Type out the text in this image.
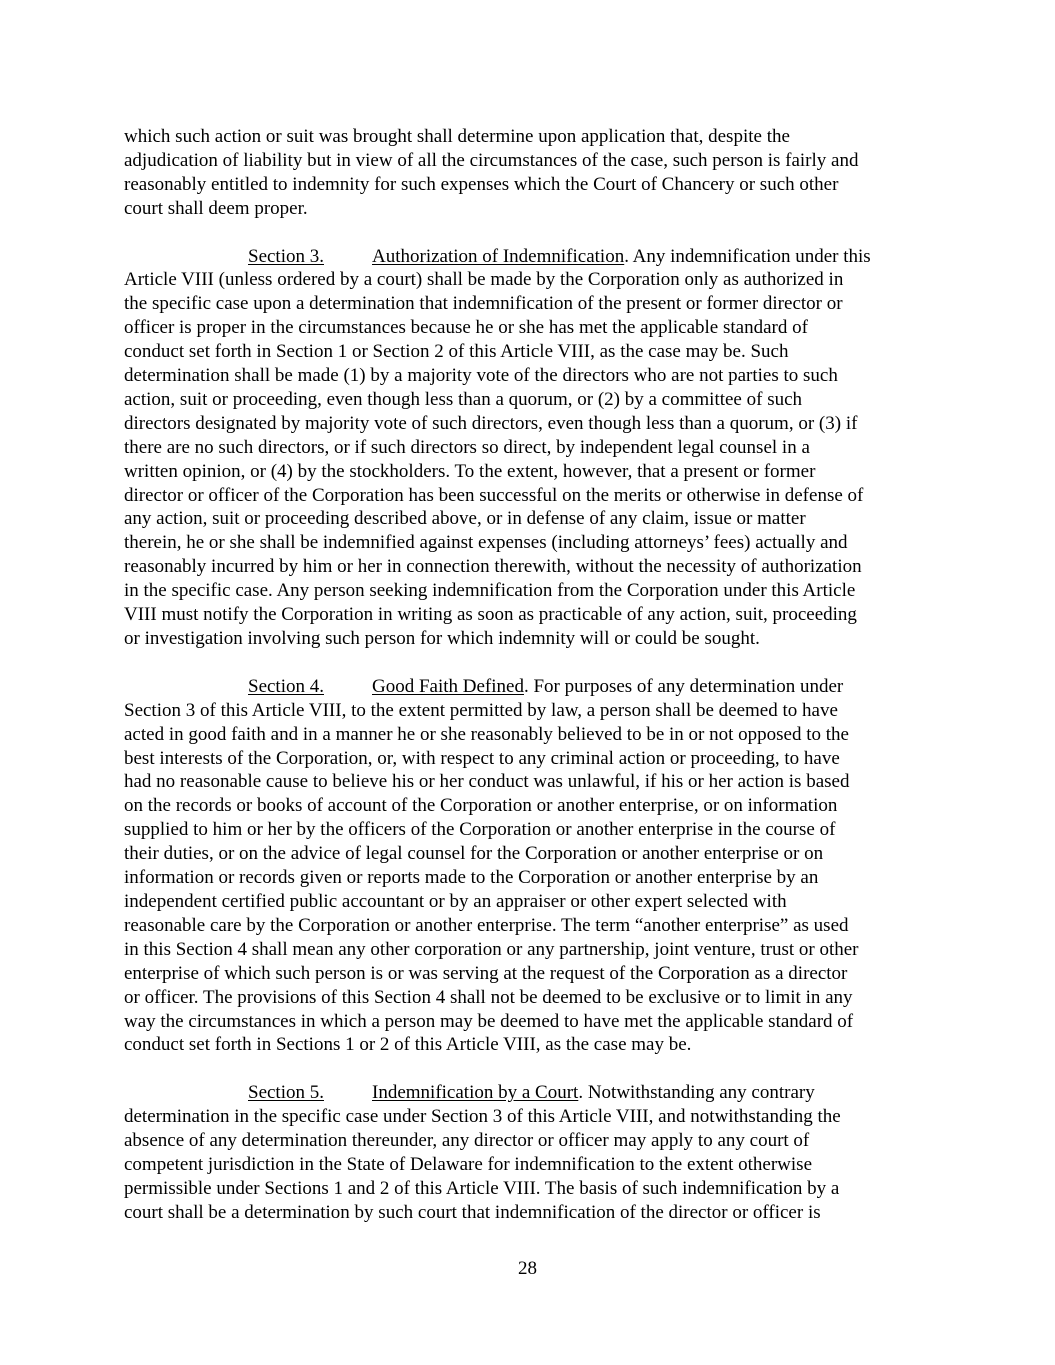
which such action or suit was brought shall determine upon application that, despite the
adjudication of liability but in view of all the circumstances of the case, such person is fairly and
reasonably entitled to indemnity for such expenses which the Court of Chancery or such other
court shall deem proper.
Section 3.	Authorization of Indemnification. Any indemnification under this
Article VIII (unless ordered by a court) shall be made by the Corporation only as authorized in
the specific case upon a determination that indemnification of the present or former director or
officer is proper in the circumstances because he or she has met the applicable standard of
conduct set forth in Section 1 or Section 2 of this Article VIII, as the case may be. Such
determination shall be made (1) by a majority vote of the directors who are not parties to such
action, suit or proceeding, even though less than a quorum, or (2) by a committee of such
directors designated by majority vote of such directors, even though less than a quorum, or (3) if
there are no such directors, or if such directors so direct, by independent legal counsel in a
written opinion, or (4) by the stockholders. To the extent, however, that a present or former
director or officer of the Corporation has been successful on the merits or otherwise in defense of
any action, suit or proceeding described above, or in defense of any claim, issue or matter
therein, he or she shall be indemnified against expenses (including attorneys’ fees) actually and
reasonably incurred by him or her in connection therewith, without the necessity of authorization
in the specific case. Any person seeking indemnification from the Corporation under this Article
VIII must notify the Corporation in writing as soon as practicable of any action, suit, proceeding
or investigation involving such person for which indemnity will or could be sought.
Section 4.	Good Faith Defined. For purposes of any determination under
Section 3 of this Article VIII, to the extent permitted by law, a person shall be deemed to have
acted in good faith and in a manner he or she reasonably believed to be in or not opposed to the
best interests of the Corporation, or, with respect to any criminal action or proceeding, to have
had no reasonable cause to believe his or her conduct was unlawful, if his or her action is based
on the records or books of account of the Corporation or another enterprise, or on information
supplied to him or her by the officers of the Corporation or another enterprise in the course of
their duties, or on the advice of legal counsel for the Corporation or another enterprise or on
information or records given or reports made to the Corporation or another enterprise by an
independent certified public accountant or by an appraiser or other expert selected with
reasonable care by the Corporation or another enterprise. The term “another enterprise” as used
in this Section 4 shall mean any other corporation or any partnership, joint venture, trust or other
enterprise of which such person is or was serving at the request of the Corporation as a director
or officer. The provisions of this Section 4 shall not be deemed to be exclusive or to limit in any
way the circumstances in which a person may be deemed to have met the applicable standard of
conduct set forth in Sections 1 or 2 of this Article VIII, as the case may be.
Section 5.	Indemnification by a Court. Notwithstanding any contrary
determination in the specific case under Section 3 of this Article VIII, and notwithstanding the
absence of any determination thereunder, any director or officer may apply to any court of
competent jurisdiction in the State of Delaware for indemnification to the extent otherwise
permissible under Sections 1 and 2 of this Article VIII. The basis of such indemnification by a
court shall be a determination by such court that indemnification of the director or officer is
28
